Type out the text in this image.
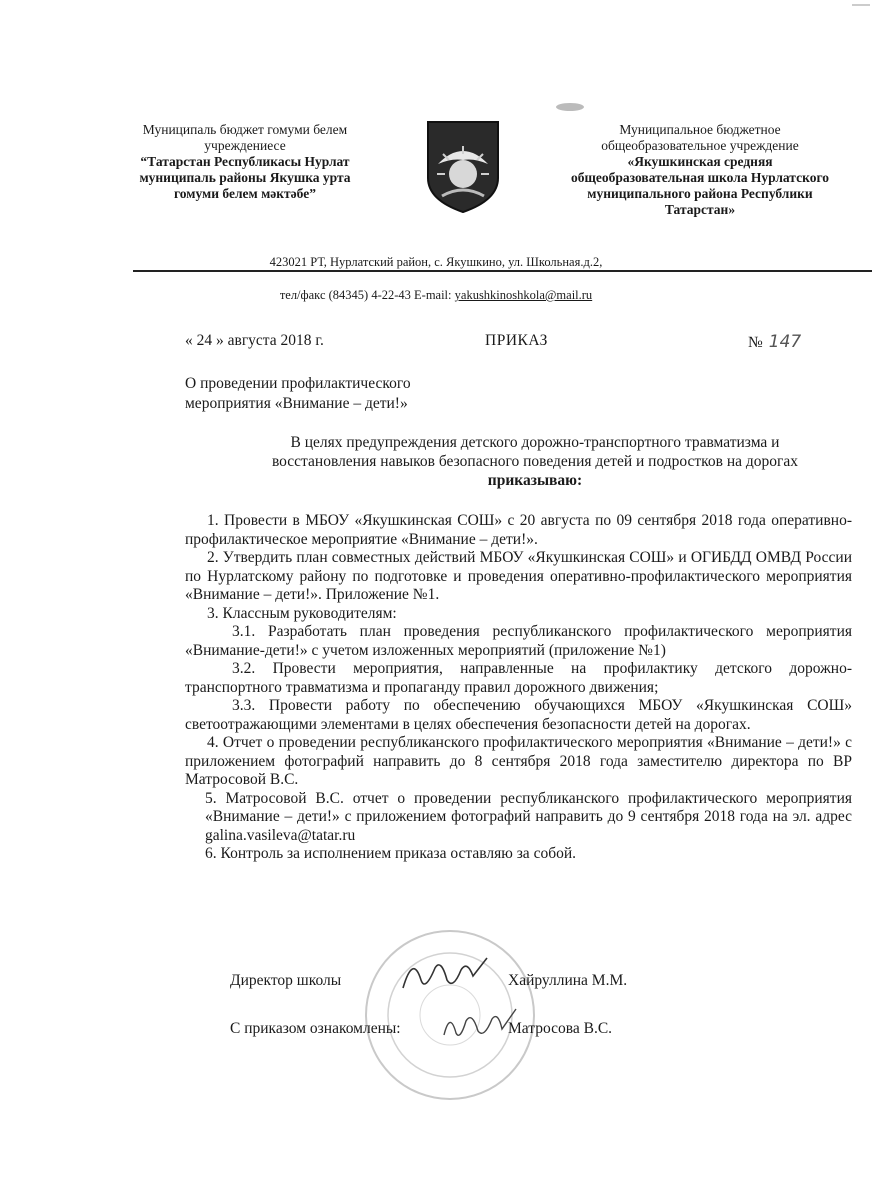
Муниципаль бюджет гомуми белем
учреждениесе
“Татарстан Республикасы Нурлат
муниципаль районы Якушка урта
гомуми белем мәктәбе”
Муниципальное бюджетное
общеобразовательное учреждение
«Якушкинская средняя
общеобразовательная школа Нурлатского
муниципального района Республики
Татарстан»
423021 РТ, Нурлатский район, с. Якушкино, ул. Школьная.д.2,
тел/факс (84345) 4-22-43 E-mail: yakushkinoshkola@mail.ru
« 24 » августа 2018 г.	ПРИКАЗ	№ 147
О проведении профилактического
мероприятия «Внимание – дети!»
В целях предупреждения детского дорожно-транспортного травматизма и
восстановления навыков безопасного поведения детей и подростков на дорогах
приказываю:

1. Провести в МБОУ «Якушкинская СОШ» с 20 августа по 09 сентября 2018 года оперативно-профилактическое мероприятие «Внимание – дети!».

2. Утвердить план совместных действий МБОУ «Якушкинская СОШ» и ОГИБДД ОМВД России по Нурлатскому району по подготовке и проведения оперативно-профилактического мероприятия «Внимание – дети!». Приложение №1.

3. Классным руководителям:

3.1. Разработать план проведения республиканского профилактического мероприятия «Внимание-дети!» с учетом изложенных мероприятий (приложение №1)

3.2. Провести мероприятия, направленные на профилактику детского дорожно-транспортного травматизма и пропаганду правил дорожного движения;

3.3. Провести работу по обеспечению обучающихся МБОУ «Якушкинская СОШ» светоотражающими элементами в целях обеспечения безопасности детей на дорогах.

4. Отчет о проведении республиканского профилактического мероприятия «Внимание – дети!» с приложением фотографий направить до 8 сентября 2018 года заместителю директора по ВР Матросовой В.С.

5. Матросовой В.С. отчет о проведении республиканского профилактического мероприятия «Внимание – дети!» с приложением фотографий направить до 9 сентября 2018 года на эл. адрес galina.vasileva@tatar.ru

6. Контроль за исполнением приказа оставляю за собой.

Директор школы	Хайруллина М.М.
С приказом ознакомлены:	Матросова В.С.
